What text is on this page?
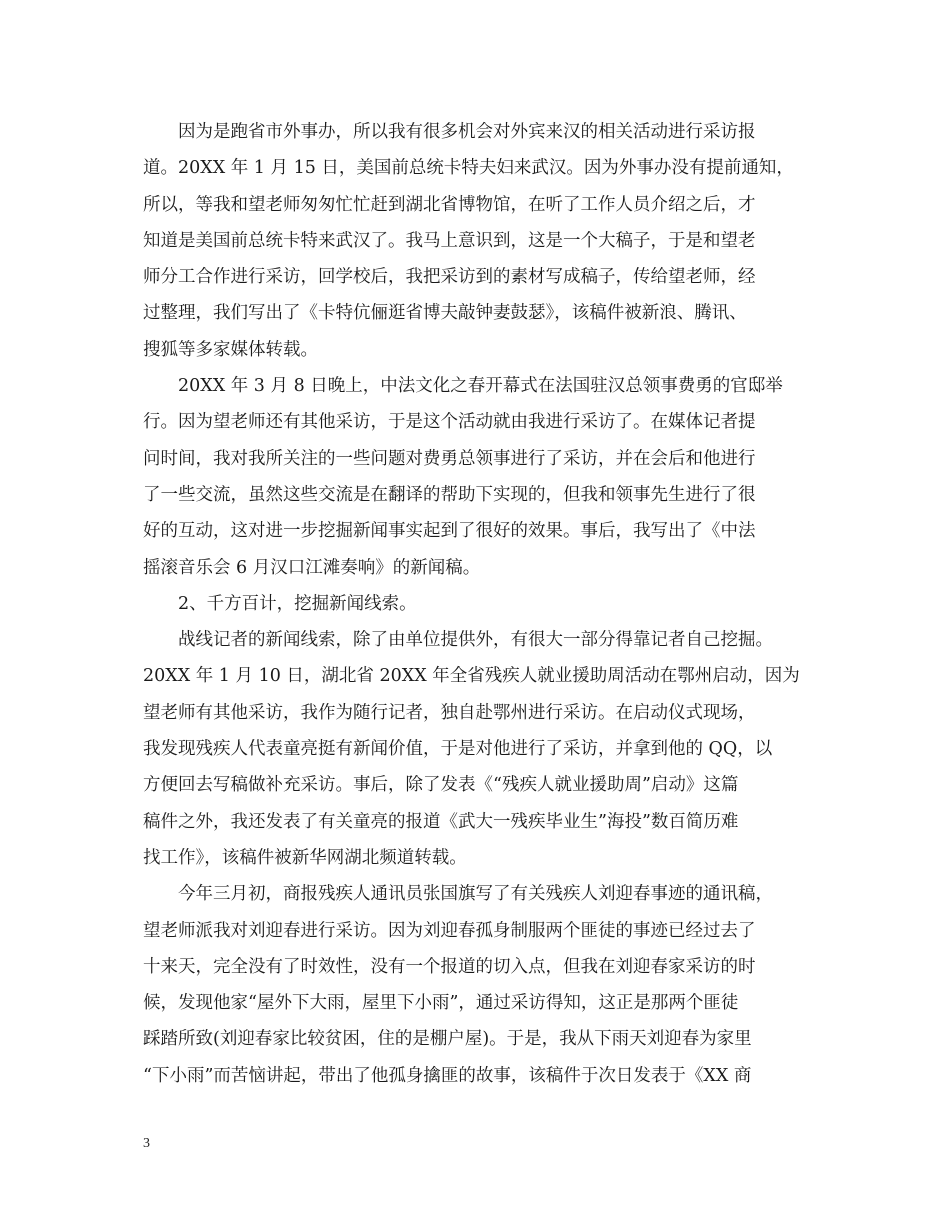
因为是跑省市外事办，所以我有很多机会对外宾来汉的相关活动进行采访报
道。20XX 年 1 月 15 日，美国前总统卡特夫妇来武汉。因为外事办没有提前通知，
所以，等我和望老师匆匆忙忙赶到湖北省博物馆，在听了工作人员介绍之后，才
知道是美国前总统卡特来武汉了。我马上意识到，这是一个大稿子，于是和望老
师分工合作进行采访，回学校后，我把采访到的素材写成稿子，传给望老师，经
过整理，我们写出了《卡特伉俪逛省博夫敲钟妻鼓瑟》，该稿件被新浪、腾讯、
搜狐等多家媒体转载。
20XX 年 3 月 8 日晚上，中法文化之春开幕式在法国驻汉总领事费勇的官邸举
行。因为望老师还有其他采访，于是这个活动就由我进行采访了。在媒体记者提
问时间，我对我所关注的一些问题对费勇总领事进行了采访，并在会后和他进行
了一些交流，虽然这些交流是在翻译的帮助下实现的，但我和领事先生进行了很
好的互动，这对进一步挖掘新闻事实起到了很好的效果。事后，我写出了《中法
摇滚音乐会 6 月汉口江滩奏响》的新闻稿。
2、千方百计，挖掘新闻线索。
战线记者的新闻线索，除了由单位提供外，有很大一部分得靠记者自己挖掘。
20XX 年 1 月 10 日，湖北省 20XX 年全省残疾人就业援助周活动在鄂州启动，因为
望老师有其他采访，我作为随行记者，独自赴鄂州进行采访。在启动仪式现场，
我发现残疾人代表童亮挺有新闻价值，于是对他进行了采访，并拿到他的 QQ，以
方便回去写稿做补充采访。事后，除了发表《“残疾人就业援助周”启动》这篇
稿件之外，我还发表了有关童亮的报道《武大一残疾毕业生”海投”数百简历难
找工作》，该稿件被新华网湖北频道转载。
今年三月初，商报残疾人通讯员张国旗写了有关残疾人刘迎春事迹的通讯稿，
望老师派我对刘迎春进行采访。因为刘迎春孤身制服两个匪徒的事迹已经过去了
十来天，完全没有了时效性，没有一个报道的切入点，但我在刘迎春家采访的时
候，发现他家“屋外下大雨，屋里下小雨”，通过采访得知，这正是那两个匪徒
踩踏所致(刘迎春家比较贫困，住的是棚户屋)。于是，我从下雨天刘迎春为家里
“下小雨”而苦恼讲起，带出了他孤身擒匪的故事，该稿件于次日发表于《XX 商
3
